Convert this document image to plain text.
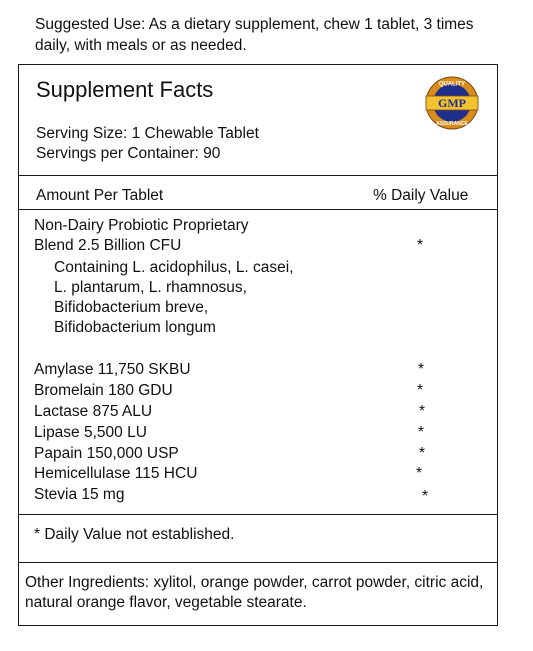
Suggested Use: As a dietary supplement, chew 1 tablet, 3 times daily, with meals or as needed.
Supplement Facts	QUALITY
GMP
ASSURANCE
Serving Size: 1 Chewable Tablet
Servings per Container: 90
Amount Per Tablet	% Daily Value
Non-Dairy Probiotic Proprietary
Blend 2.5 Billion CFU	*
Containing L. acidophilus, L. casei,
L. plantarum, L. rhamnosus,
Bifidobacterium breve,
Bifidobacterium longum
Amylase 11,750 SKBU	*
Bromelain 180 GDU	*
Lactase 875 ALU	*
Lipase 5,500 LU	*
Papain 150,000 USP	*
Hemicellulase 115 HCU	*
Stevia 15 mg	*
* Daily Value not established.
Other Ingredients: xylitol, orange powder, carrot powder, citric acid, natural orange flavor, vegetable stearate.
